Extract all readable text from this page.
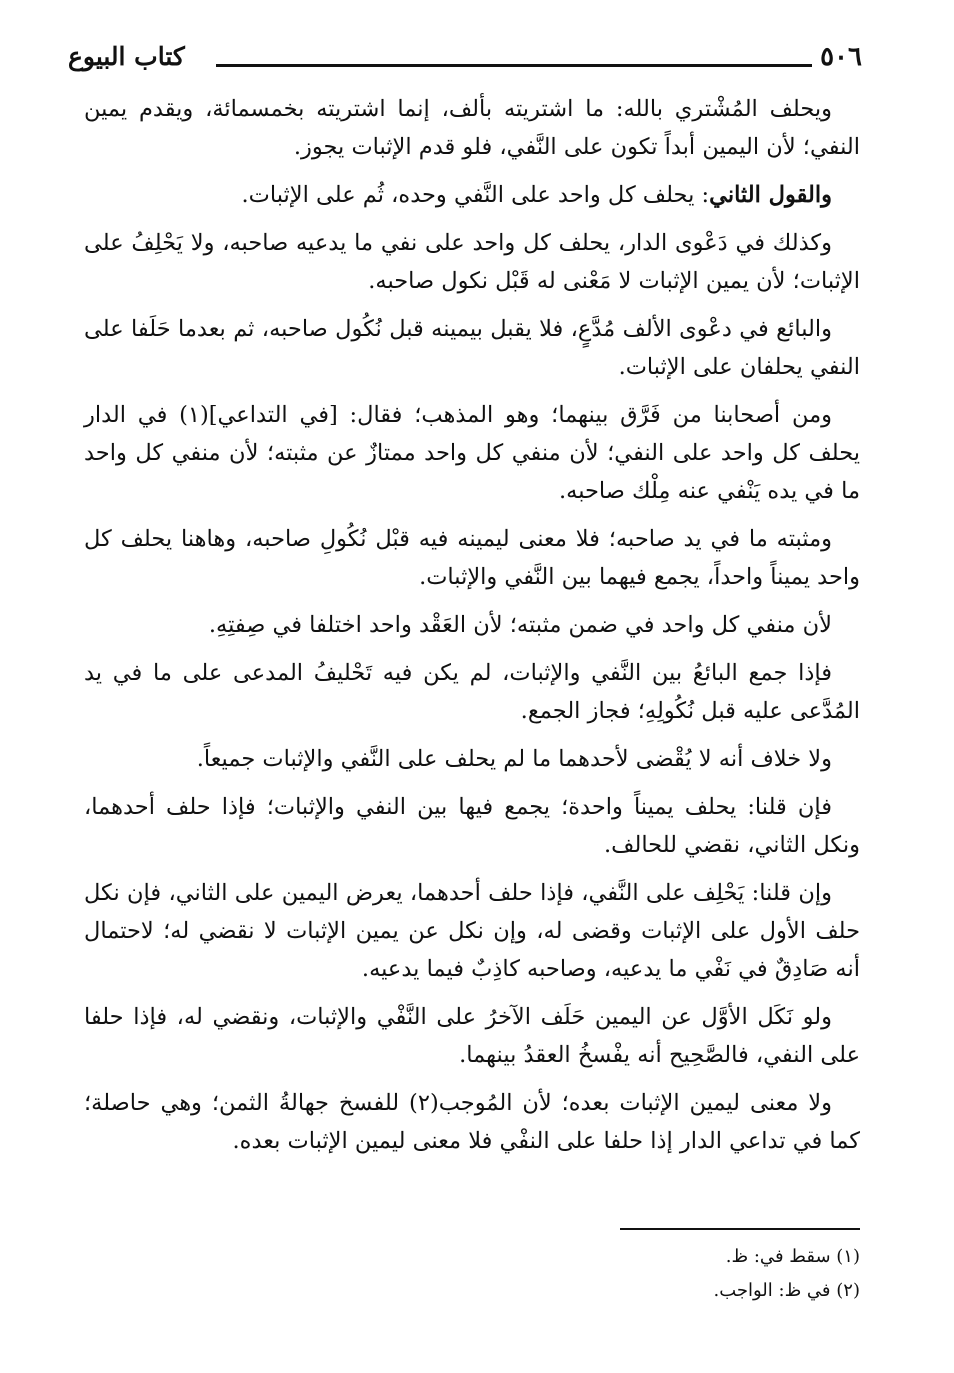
٥٠٦
كتاب البيوع

ويحلف المُشْتري بالله: ما اشتريته بألف، إنما اشتريته بخمسمائة، ويقدم يمين النفي؛ لأن اليمين أبداً تكون على النَّفي، فلو قدم الإثبات يجوز.

والقول الثاني: يحلف كل واحد على النَّفي وحده، ثُم على الإثبات.

وكذلك في دَعْوى الدار، يحلف كل واحد على نفي ما يدعيه صاحبه، ولا يَحْلِفُ على الإثبات؛ لأن يمين الإثبات لا مَعْنى له قَبْل نكول صاحبه.

والبائع في دعْوى الألف مُدَّعٍ، فلا يقبل بيمينه قبل نُكُول صاحبه، ثم بعدما حَلَفا على النفي يحلفان على الإثبات.

ومن أصحابنا من فَرَّق بينهما؛ وهو المذهب؛ فقال: [في التداعي](١) في الدار يحلف كل واحد على النفي؛ لأن منفي كل واحد ممتازٌ عن مثبته؛ لأن منفي كل واحد ما في يده يَنْفي عنه مِلْك صاحبه.

ومثبته ما في يد صاحبه؛ فلا معنى ليمينه فيه قبْل نُكُولِ صاحبه، وهاهنا يحلف كل واحد يميناً واحداً، يجمع فيهما بين النَّفي والإثبات.

لأن منفي كل واحد في ضمن مثبته؛ لأن العَقْد واحد اختلفا في صِفتِهِ.

فإذا جمع البائعُ بين النَّفي والإثبات، لم يكن فيه تَحْليفُ المدعى على ما في يد المُدَّعى عليه قبل نُكُولِهِ؛ فجاز الجمع.

ولا خلاف أنه لا يُقْضى لأحدهما ما لم يحلف على النَّفي والإثبات جميعاً.

فإن قلنا: يحلف يميناً واحدة؛ يجمع فيها بين النفي والإثبات؛ فإذا حلف أحدهما، ونكل الثاني، نقضي للحالف.

وإن قلنا: يَحْلِف على النَّفي، فإذا حلف أحدهما، يعرض اليمين على الثاني، فإن نكل حلف الأول على الإثبات وقضى له، وإن نكل عن يمين الإثبات لا نقضي له؛ لاحتمال أنه صَادِقٌ في نَفْي ما يدعيه، وصاحبه كاذِبٌ فيما يدعيه.

ولو نَكَل الأوَّل عن اليمين حَلَف الآخرُ على النَّفْي والإثبات، ونقضي له، فإذا حلفا على النفي، فالصَّحِيح أنه يفْسخُ العقدُ بينهما.

ولا معنى ليمين الإثبات بعده؛ لأن المُوجب(٢) للفسخ جهالةُ الثمن؛ وهي حاصلة؛ كما في تداعي الدار إذا حلفا على النفْي فلا معنى ليمين الإثبات بعده.

(١) سقط في: ظ.

(٢) في ظ: الواجب.
